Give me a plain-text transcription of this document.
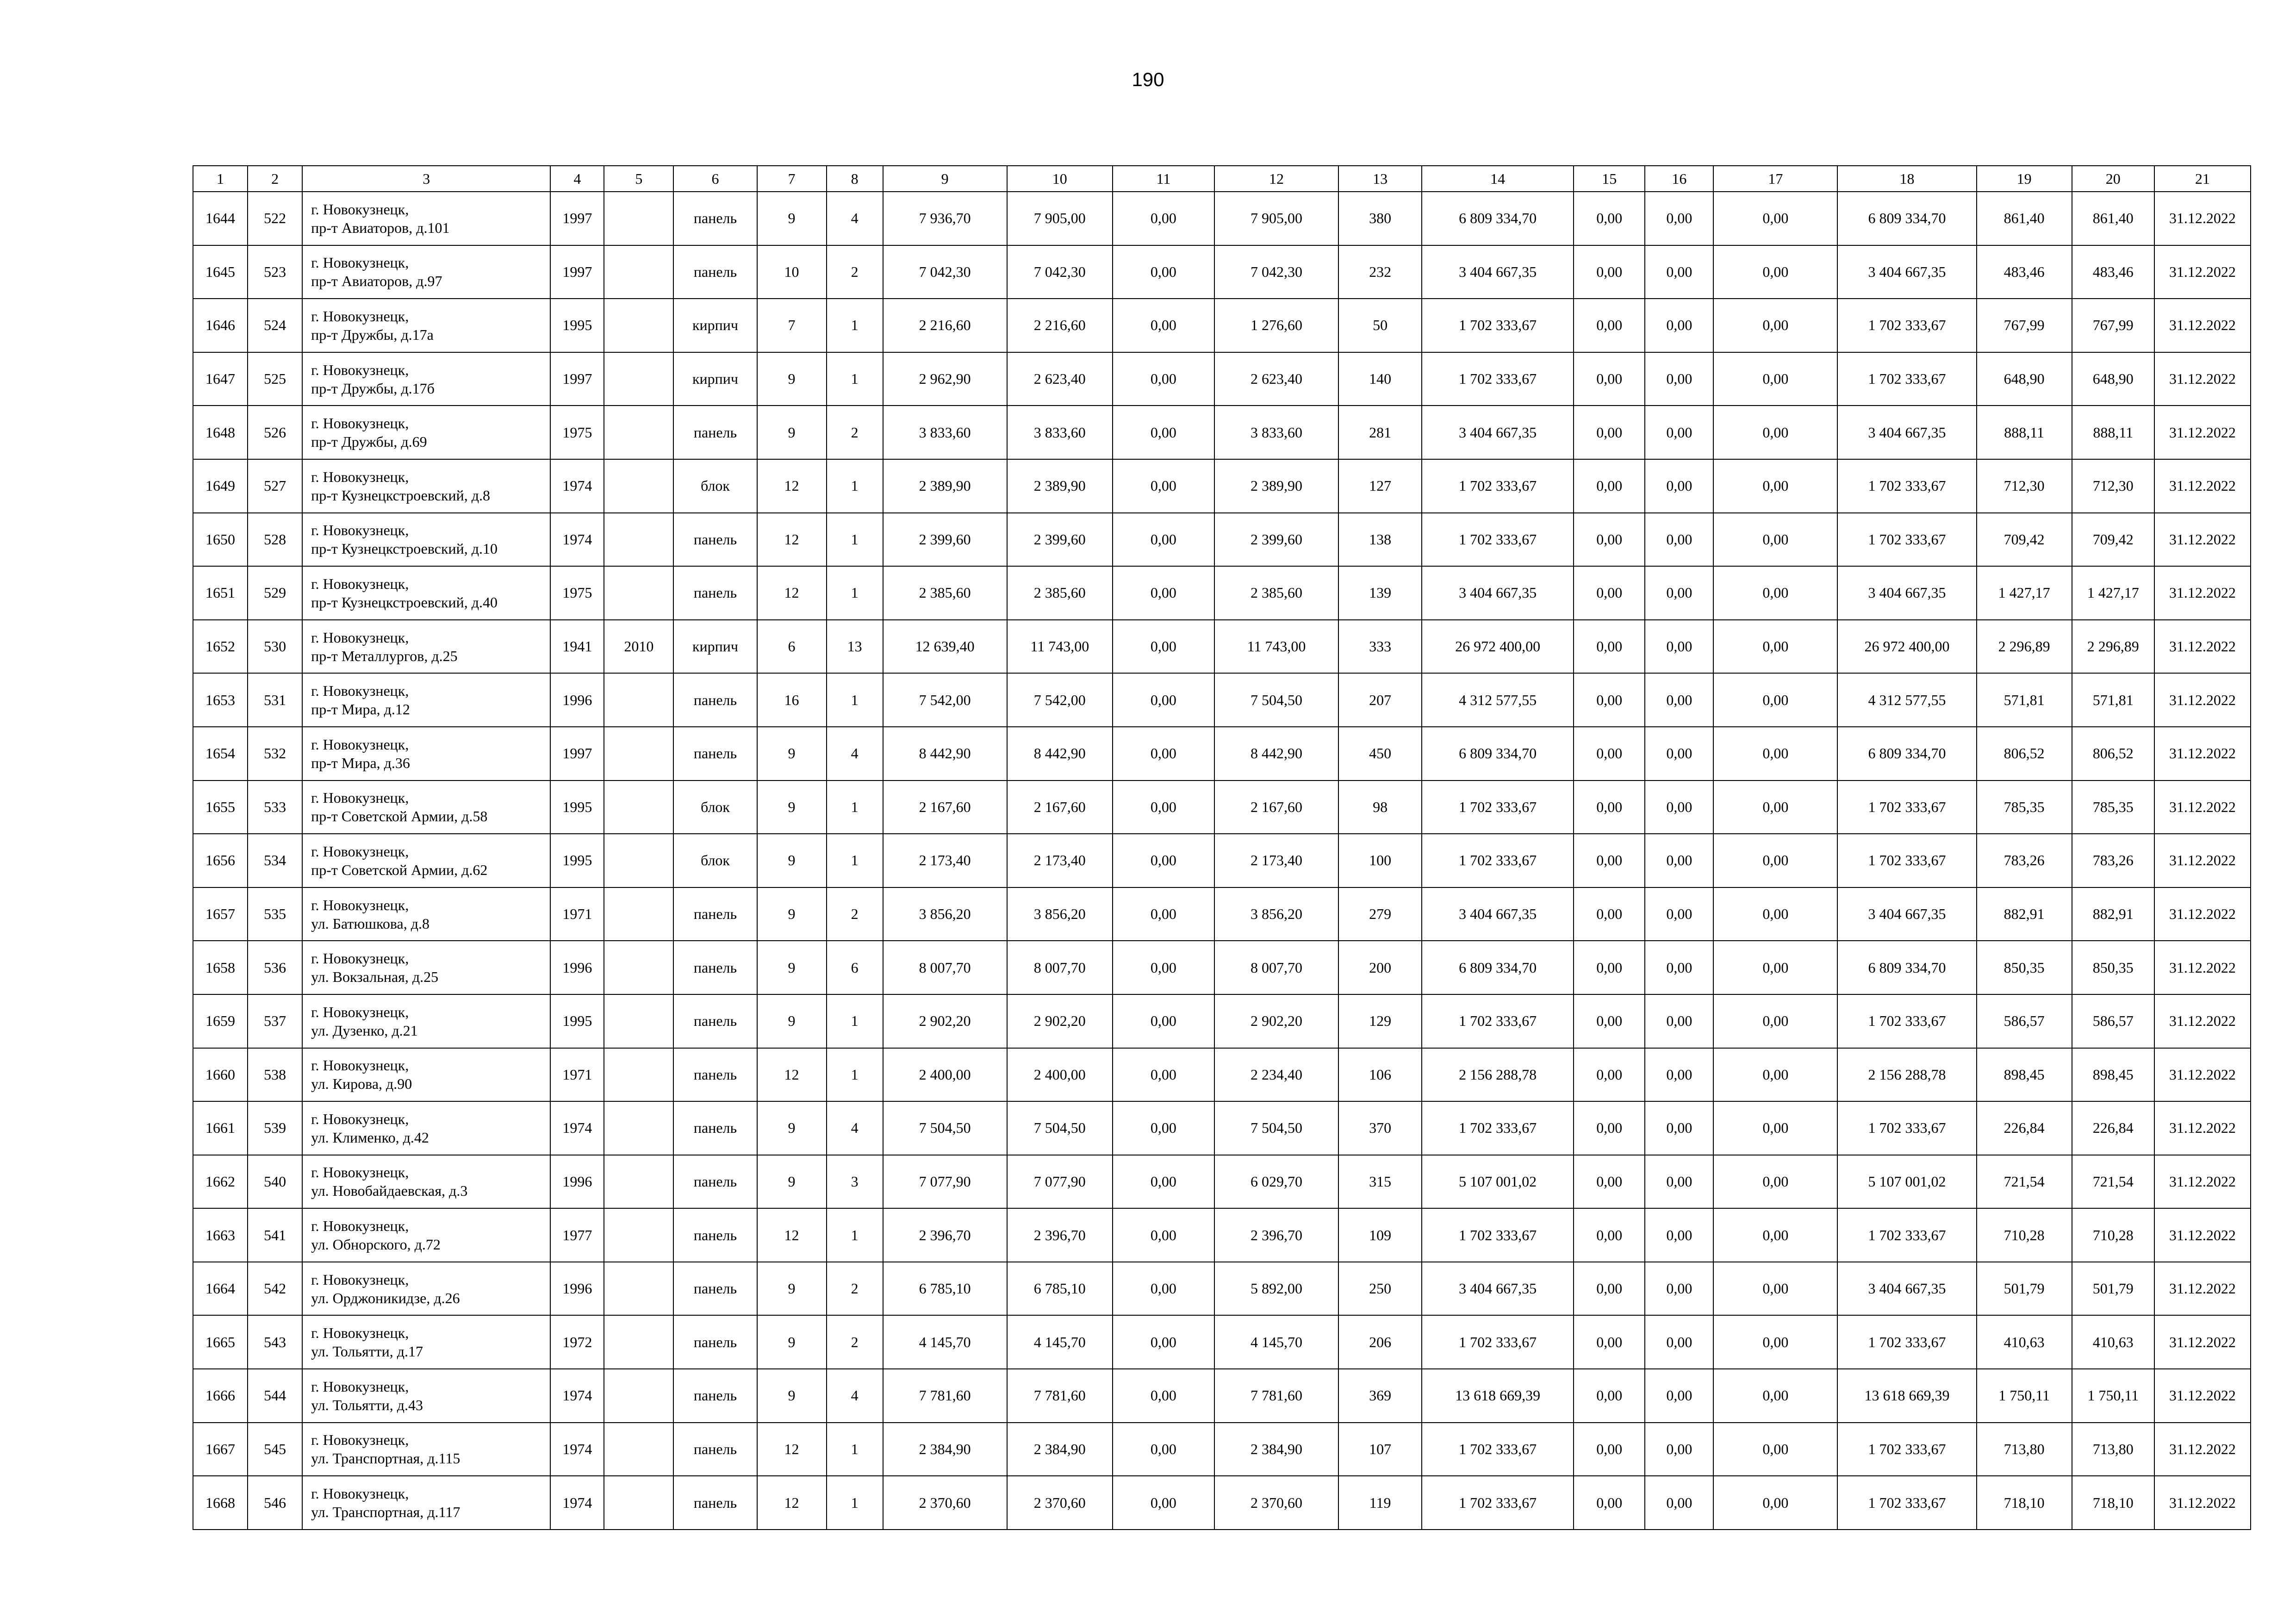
190
1	2	3	4	5	6	7	8	9	10	11	12	13	14	15	16	17	18	19	20	21
1644	522	г. Новокузнецк,
пр-т Авиаторов, д.101	1997		панель	9	4	7 936,70	7 905,00	0,00	7 905,00	380	6 809 334,70	0,00	0,00	0,00	6 809 334,70	861,40	861,40	31.12.2022
1645	523	г. Новокузнецк,
пр-т Авиаторов, д.97	1997		панель	10	2	7 042,30	7 042,30	0,00	7 042,30	232	3 404 667,35	0,00	0,00	0,00	3 404 667,35	483,46	483,46	31.12.2022
1646	524	г. Новокузнецк,
пр-т Дружбы, д.17а	1995		кирпич	7	1	2 216,60	2 216,60	0,00	1 276,60	50	1 702 333,67	0,00	0,00	0,00	1 702 333,67	767,99	767,99	31.12.2022
1647	525	г. Новокузнецк,
пр-т Дружбы, д.17б	1997		кирпич	9	1	2 962,90	2 623,40	0,00	2 623,40	140	1 702 333,67	0,00	0,00	0,00	1 702 333,67	648,90	648,90	31.12.2022
1648	526	г. Новокузнецк,
пр-т Дружбы, д.69	1975		панель	9	2	3 833,60	3 833,60	0,00	3 833,60	281	3 404 667,35	0,00	0,00	0,00	3 404 667,35	888,11	888,11	31.12.2022
1649	527	г. Новокузнецк,
пр-т Кузнецкстроевский, д.8	1974		блок	12	1	2 389,90	2 389,90	0,00	2 389,90	127	1 702 333,67	0,00	0,00	0,00	1 702 333,67	712,30	712,30	31.12.2022
1650	528	г. Новокузнецк,
пр-т Кузнецкстроевский, д.10	1974		панель	12	1	2 399,60	2 399,60	0,00	2 399,60	138	1 702 333,67	0,00	0,00	0,00	1 702 333,67	709,42	709,42	31.12.2022
1651	529	г. Новокузнецк,
пр-т Кузнецкстроевский, д.40	1975		панель	12	1	2 385,60	2 385,60	0,00	2 385,60	139	3 404 667,35	0,00	0,00	0,00	3 404 667,35	1 427,17	1 427,17	31.12.2022
1652	530	г. Новокузнецк,
пр-т Металлургов, д.25	1941	2010	кирпич	6	13	12 639,40	11 743,00	0,00	11 743,00	333	26 972 400,00	0,00	0,00	0,00	26 972 400,00	2 296,89	2 296,89	31.12.2022
1653	531	г. Новокузнецк,
пр-т Мира, д.12	1996		панель	16	1	7 542,00	7 542,00	0,00	7 504,50	207	4 312 577,55	0,00	0,00	0,00	4 312 577,55	571,81	571,81	31.12.2022
1654	532	г. Новокузнецк,
пр-т Мира, д.36	1997		панель	9	4	8 442,90	8 442,90	0,00	8 442,90	450	6 809 334,70	0,00	0,00	0,00	6 809 334,70	806,52	806,52	31.12.2022
1655	533	г. Новокузнецк,
пр-т Советской Армии, д.58	1995		блок	9	1	2 167,60	2 167,60	0,00	2 167,60	98	1 702 333,67	0,00	0,00	0,00	1 702 333,67	785,35	785,35	31.12.2022
1656	534	г. Новокузнецк,
пр-т Советской Армии, д.62	1995		блок	9	1	2 173,40	2 173,40	0,00	2 173,40	100	1 702 333,67	0,00	0,00	0,00	1 702 333,67	783,26	783,26	31.12.2022
1657	535	г. Новокузнецк,
ул. Батюшкова, д.8	1971		панель	9	2	3 856,20	3 856,20	0,00	3 856,20	279	3 404 667,35	0,00	0,00	0,00	3 404 667,35	882,91	882,91	31.12.2022
1658	536	г. Новокузнецк,
ул. Вокзальная, д.25	1996		панель	9	6	8 007,70	8 007,70	0,00	8 007,70	200	6 809 334,70	0,00	0,00	0,00	6 809 334,70	850,35	850,35	31.12.2022
1659	537	г. Новокузнецк,
ул. Дузенко, д.21	1995		панель	9	1	2 902,20	2 902,20	0,00	2 902,20	129	1 702 333,67	0,00	0,00	0,00	1 702 333,67	586,57	586,57	31.12.2022
1660	538	г. Новокузнецк,
ул. Кирова, д.90	1971		панель	12	1	2 400,00	2 400,00	0,00	2 234,40	106	2 156 288,78	0,00	0,00	0,00	2 156 288,78	898,45	898,45	31.12.2022
1661	539	г. Новокузнецк,
ул. Клименко, д.42	1974		панель	9	4	7 504,50	7 504,50	0,00	7 504,50	370	1 702 333,67	0,00	0,00	0,00	1 702 333,67	226,84	226,84	31.12.2022
1662	540	г. Новокузнецк,
ул. Новобайдаевская, д.3	1996		панель	9	3	7 077,90	7 077,90	0,00	6 029,70	315	5 107 001,02	0,00	0,00	0,00	5 107 001,02	721,54	721,54	31.12.2022
1663	541	г. Новокузнецк,
ул. Обнорского, д.72	1977		панель	12	1	2 396,70	2 396,70	0,00	2 396,70	109	1 702 333,67	0,00	0,00	0,00	1 702 333,67	710,28	710,28	31.12.2022
1664	542	г. Новокузнецк,
ул. Орджоникидзе, д.26	1996		панель	9	2	6 785,10	6 785,10	0,00	5 892,00	250	3 404 667,35	0,00	0,00	0,00	3 404 667,35	501,79	501,79	31.12.2022
1665	543	г. Новокузнецк,
ул. Тольятти, д.17	1972		панель	9	2	4 145,70	4 145,70	0,00	4 145,70	206	1 702 333,67	0,00	0,00	0,00	1 702 333,67	410,63	410,63	31.12.2022
1666	544	г. Новокузнецк,
ул. Тольятти, д.43	1974		панель	9	4	7 781,60	7 781,60	0,00	7 781,60	369	13 618 669,39	0,00	0,00	0,00	13 618 669,39	1 750,11	1 750,11	31.12.2022
1667	545	г. Новокузнецк,
ул. Транспортная, д.115	1974		панель	12	1	2 384,90	2 384,90	0,00	2 384,90	107	1 702 333,67	0,00	0,00	0,00	1 702 333,67	713,80	713,80	31.12.2022
1668	546	г. Новокузнецк,
ул. Транспортная, д.117	1974		панель	12	1	2 370,60	2 370,60	0,00	2 370,60	119	1 702 333,67	0,00	0,00	0,00	1 702 333,67	718,10	718,10	31.12.2022
